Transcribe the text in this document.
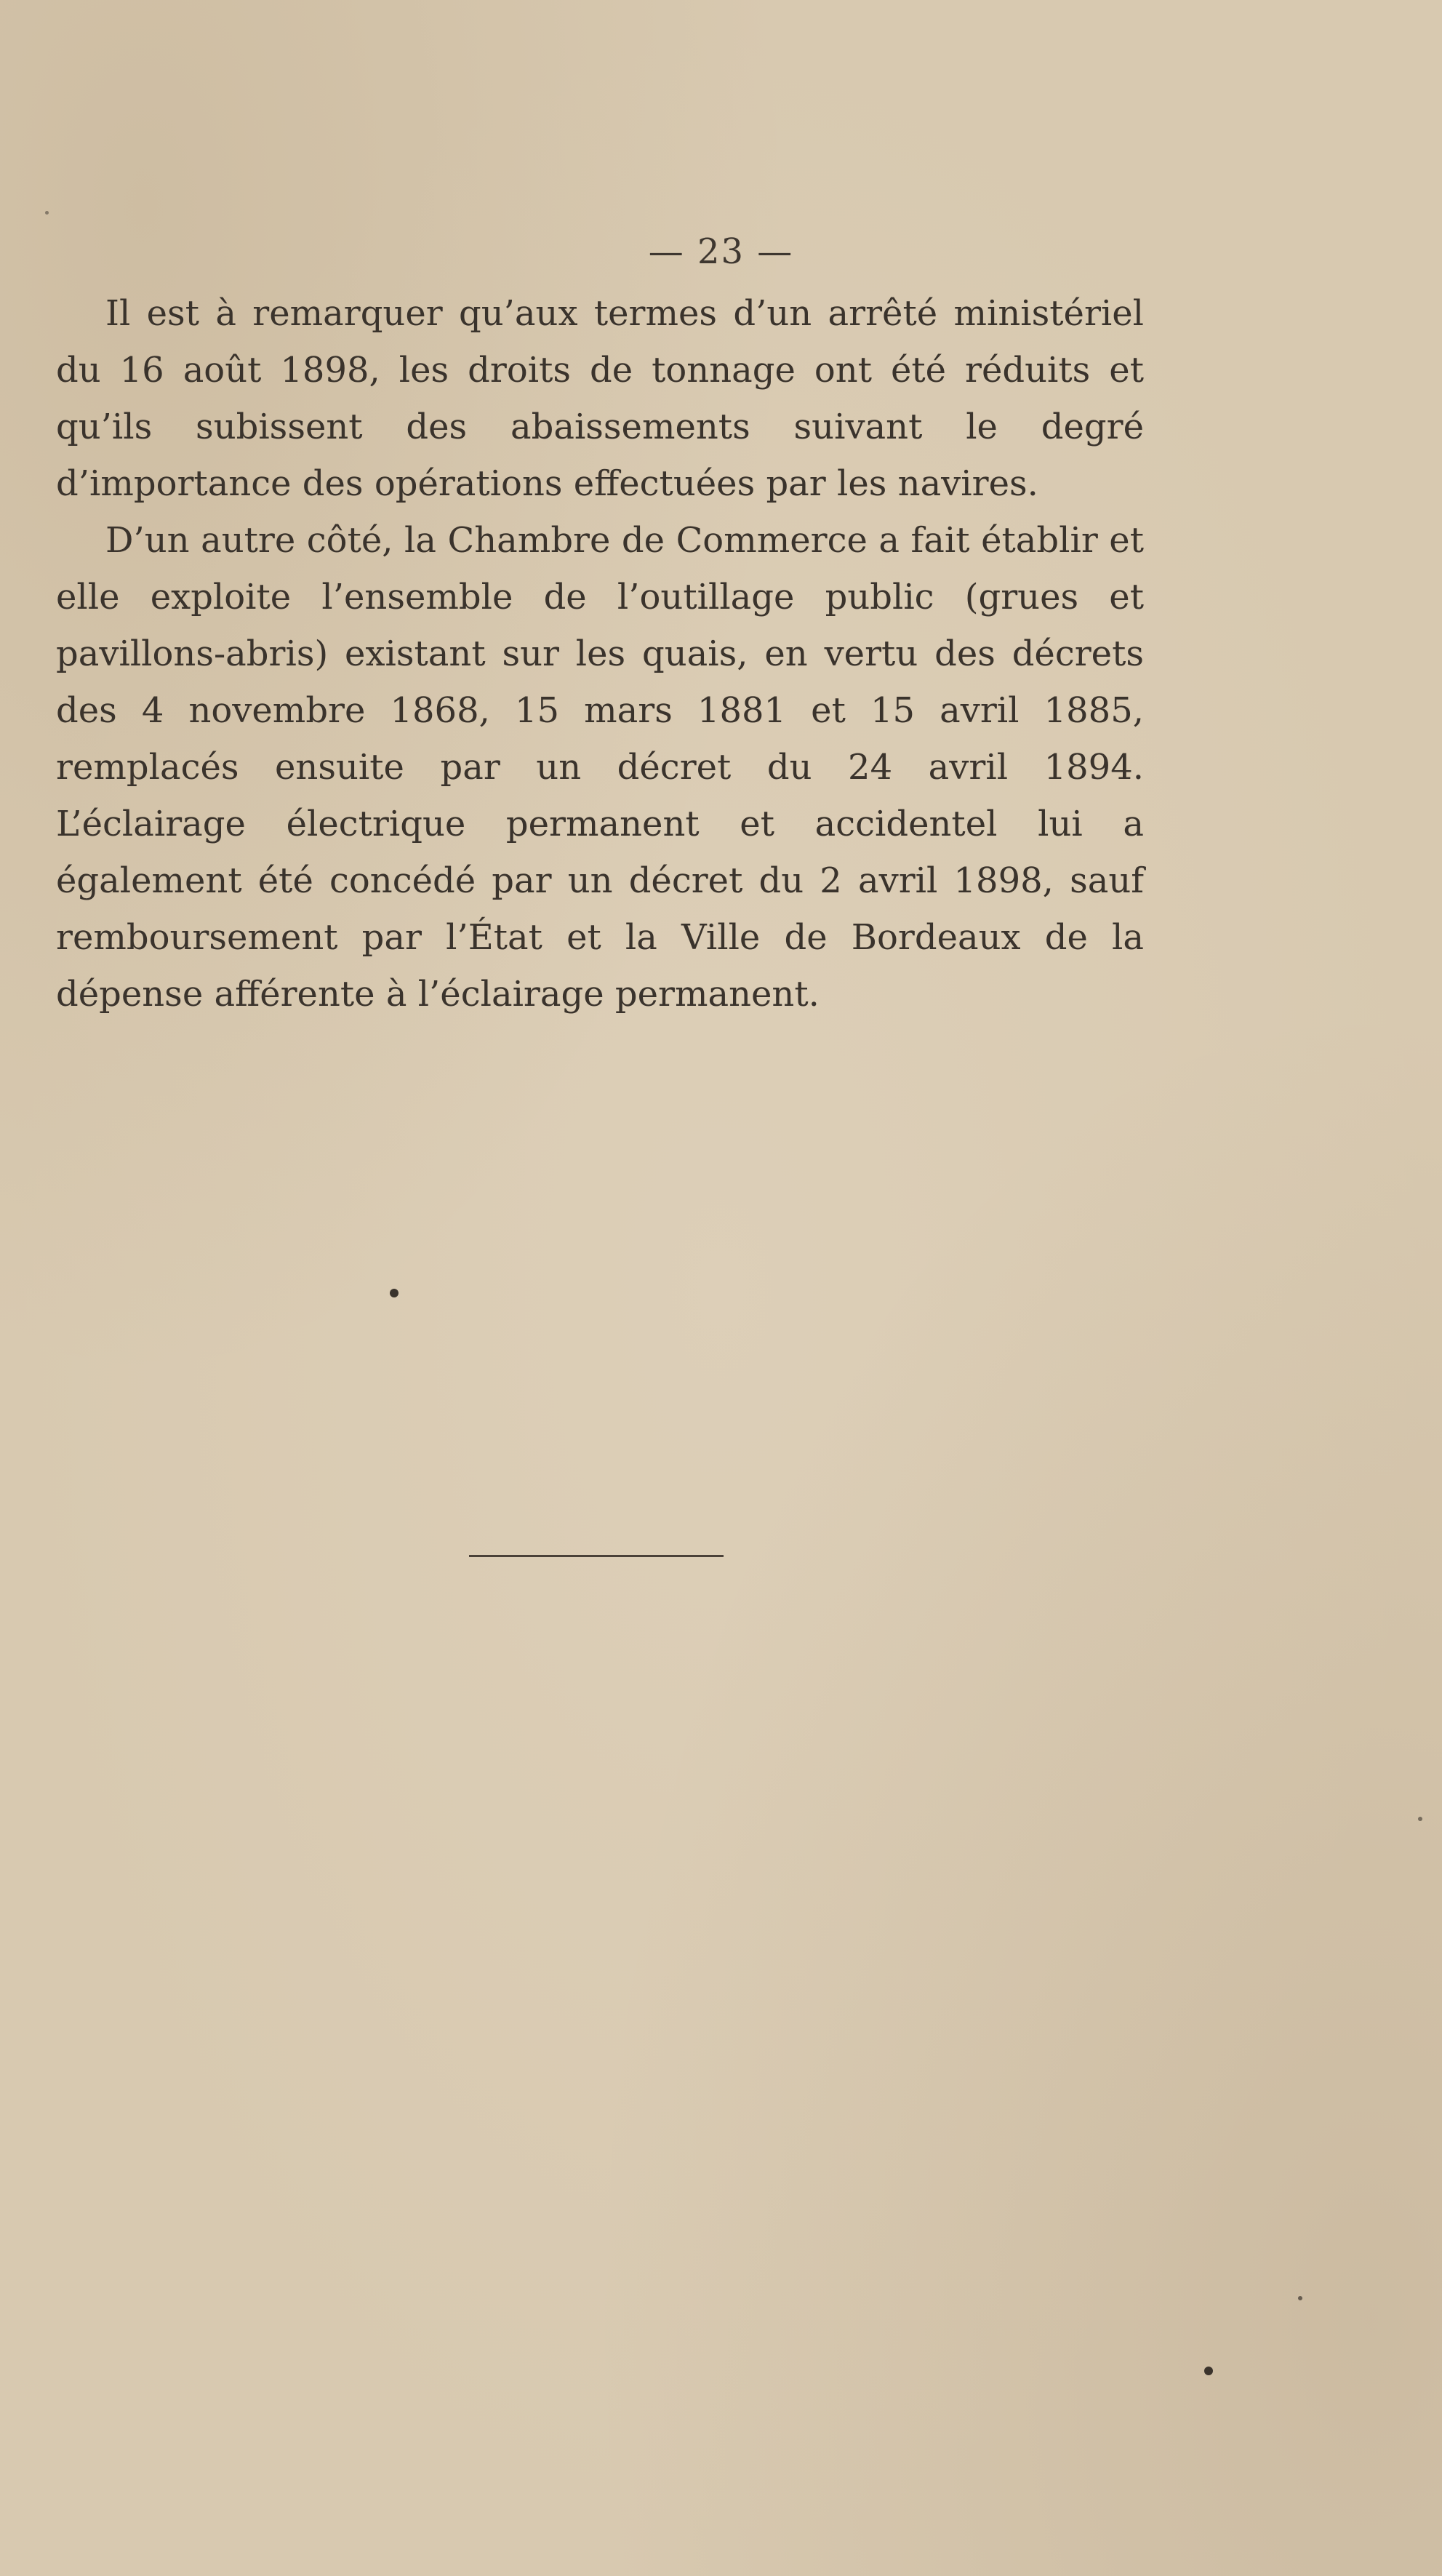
— 23 —

Il est à remarquer qu’aux termes d’un arrêté ministériel du 16 août 1898, les droits de tonnage ont été réduits et qu’ils subissent des abaissements suivant le degré d’importance des opérations effectuées par les navires.

D’un autre côté, la Chambre de Commerce a fait établir et elle exploite l’ensemble de l’outillage public (grues et pavillons-abris) existant sur les quais, en vertu des décrets des 4 novembre 1868, 15 mars 1881 et 15 avril 1885, remplacés ensuite par un décret du 24 avril 1894. L’éclairage électrique permanent et accidentel lui a également été concédé par un décret du 2 avril 1898, sauf remboursement par l’État et la Ville de Bordeaux de la dépense afférente à l’éclairage permanent.
